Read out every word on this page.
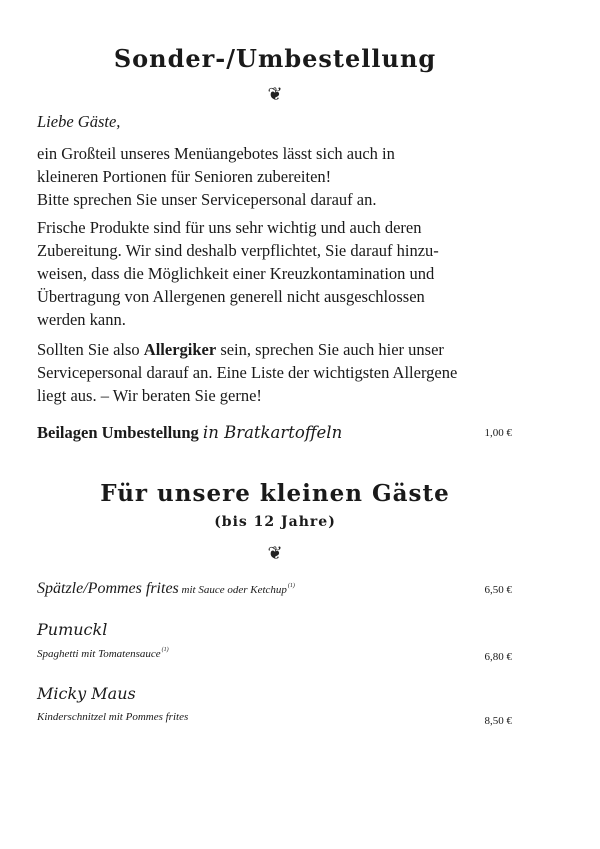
Sonder-/Umbestellung
❦
Liebe Gäste,
ein Großteil unseres Menüangebotes lässt sich auch in
kleineren Portionen für Senioren zubereiten!
Bitte sprechen Sie unser Servicepersonal darauf an.
Frische Produkte sind für uns sehr wichtig und auch deren
Zubereitung. Wir sind deshalb verpflichtet, Sie darauf hinzu-
weisen, dass die Möglichkeit einer Kreuzkontamination und
Übertragung von Allergenen generell nicht ausgeschlossen
werden kann.
Sollten Sie also Allergiker sein, sprechen Sie auch hier unser
Servicepersonal darauf an. Eine Liste der wichtigsten Allergene
liegt aus. – Wir beraten Sie gerne!
Beilagen Umbestellung in Bratkartoffeln	1,00 €
Für unsere kleinen Gäste
(bis 12 Jahre)
❦
Spätzle/Pommes frites mit Sauce oder Ketchup$^{(1)}$	6,50 €
Pumuckl
Spaghetti mit Tomatensauce$^{(1)}$
6,80 €
Micky Maus
Kinderschnitzel mit Pommes frites	8,50 €
